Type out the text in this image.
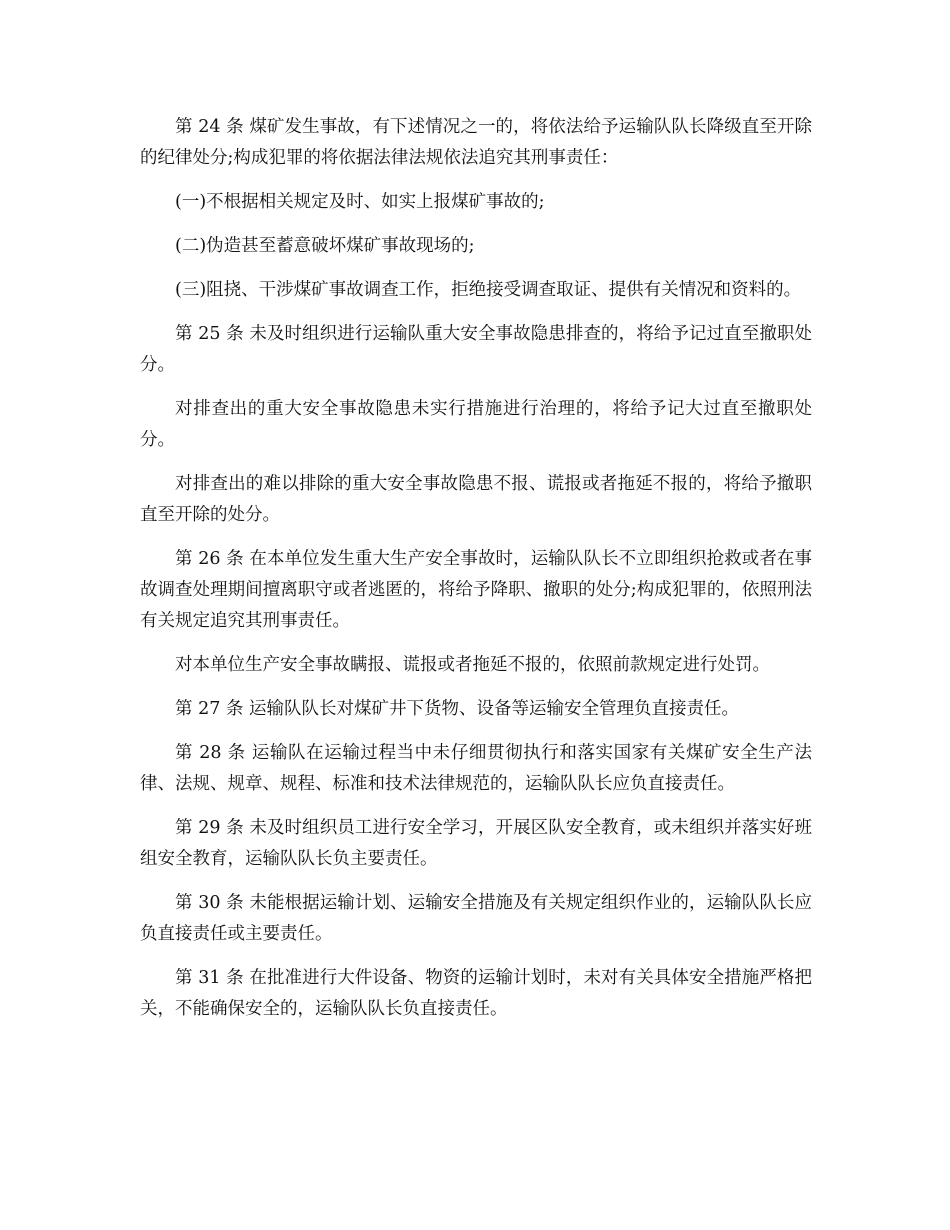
第 24 条 煤矿发生事故，有下述情况之一的，将依法给予运输队队长降级直至开除的纪律处分;构成犯罪的将依据法律法规依法追究其刑事责任：

(一)不根据相关规定及时、如实上报煤矿事故的;

(二)伪造甚至蓄意破坏煤矿事故现场的;

(三)阻挠、干涉煤矿事故调查工作，拒绝接受调查取证、提供有关情况和资料的。

第 25 条 未及时组织进行运输队重大安全事故隐患排查的，将给予记过直至撤职处分。

对排查出的重大安全事故隐患未实行措施进行治理的，将给予记大过直至撤职处分。

对排查出的难以排除的重大安全事故隐患不报、谎报或者拖延不报的，将给予撤职直至开除的处分。

第 26 条 在本单位发生重大生产安全事故时，运输队队长不立即组织抢救或者在事故调查处理期间擅离职守或者逃匿的，将给予降职、撤职的处分;构成犯罪的，依照刑法有关规定追究其刑事责任。

对本单位生产安全事故瞒报、谎报或者拖延不报的，依照前款规定进行处罚。

第 27 条 运输队队长对煤矿井下货物、设备等运输安全管理负直接责任。

第 28 条 运输队在运输过程当中未仔细贯彻执行和落实国家有关煤矿安全生产法律、法规、规章、规程、标准和技术法律规范的，运输队队长应负直接责任。

第 29 条 未及时组织员工进行安全学习，开展区队安全教育，或未组织并落实好班组安全教育，运输队队长负主要责任。

第 30 条 未能根据运输计划、运输安全措施及有关规定组织作业的，运输队队长应负直接责任或主要责任。

第 31 条 在批准进行大件设备、物资的运输计划时，未对有关具体安全措施严格把关，不能确保安全的，运输队队长负直接责任。
